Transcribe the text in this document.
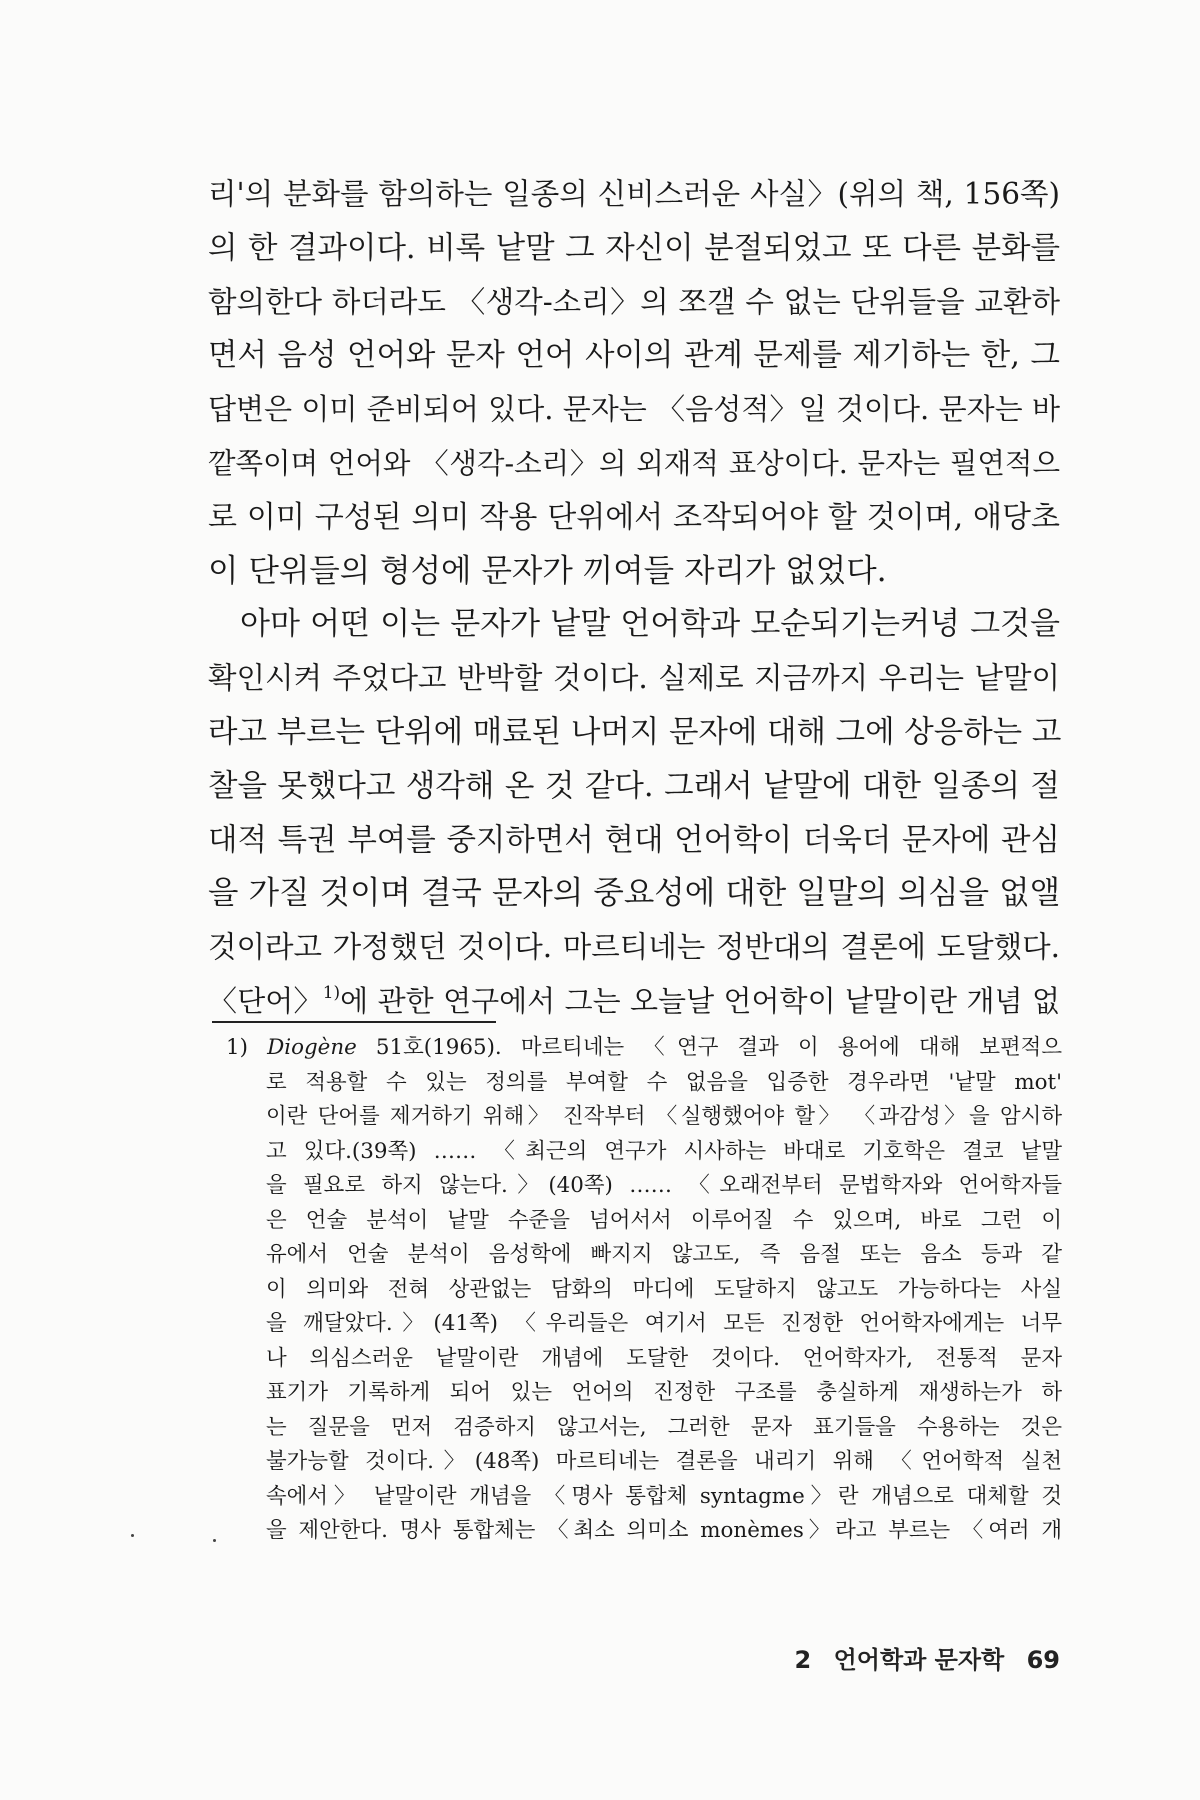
리'의 분화를 함의하는 일종의 신비스러운 사실〉(위의 책, 156쪽)
의 한 결과이다. 비록 낱말 그 자신이 분절되었고 또 다른 분화를
함의한다 하더라도 〈생각-소리〉의 쪼갤 수 없는 단위들을 교환하
면서 음성 언어와 문자 언어 사이의 관계 문제를 제기하는 한, 그
답변은 이미 준비되어 있다. 문자는 〈음성적〉일 것이다. 문자는 바
깥쪽이며 언어와 〈생각-소리〉의 외재적 표상이다. 문자는 필연적으
로 이미 구성된 의미 작용 단위에서 조작되어야 할 것이며, 애당초
이 단위들의 형성에 문자가 끼여들 자리가 없었다.
아마 어떤 이는 문자가 낱말 언어학과 모순되기는커녕 그것을
확인시켜 주었다고 반박할 것이다. 실제로 지금까지 우리는 낱말이
라고 부르는 단위에 매료된 나머지 문자에 대해 그에 상응하는 고
찰을 못했다고 생각해 온 것 같다. 그래서 낱말에 대한 일종의 절
대적 특권 부여를 중지하면서 현대 언어학이 더욱더 문자에 관심
을 가질 것이며 결국 문자의 중요성에 대한 일말의 의심을 없앨
것이라고 가정했던 것이다. 마르티네는 정반대의 결론에 도달했다.
〈단어〉$^{1)}$에 관한 연구에서 그는 오늘날 언어학이 낱말이란 개념 없
1) Diogène 51호(1965). 마르티네는 〈연구 결과 이 용어에 대해 보편적으
로 적용할 수 있는 정의를 부여할 수 없음을 입증한 경우라면 '낱말 mot'
이란 단어를 제거하기 위해〉 진작부터 〈실행했어야 할〉 〈과감성〉을 암시하
고 있다.(39쪽) …… 〈최근의 연구가 시사하는 바대로 기호학은 결코 낱말
을 필요로 하지 않는다.〉(40쪽) …… 〈오래전부터 문법학자와 언어학자들
은 언술 분석이 낱말 수준을 넘어서서 이루어질 수 있으며, 바로 그런 이
유에서 언술 분석이 음성학에 빠지지 않고도, 즉 음절 또는 음소 등과 같
이 의미와 전혀 상관없는 담화의 마디에 도달하지 않고도 가능하다는 사실
을 깨달았다.〉(41쪽) 〈우리들은 여기서 모든 진정한 언어학자에게는 너무
나 의심스러운 낱말이란 개념에 도달한 것이다. 언어학자가, 전통적 문자
표기가 기록하게 되어 있는 언어의 진정한 구조를 충실하게 재생하는가 하
는 질문을 먼저 검증하지 않고서는, 그러한 문자 표기들을 수용하는 것은
불가능할 것이다.〉(48쪽) 마르티네는 결론을 내리기 위해 〈언어학적 실천
속에서〉 낱말이란 개념을 〈명사 통합체 syntagme〉란 개념으로 대체할 것
을 제안한다. 명사 통합체는 〈최소 의미소 monèmes〉라고 부르는 〈여러 개
2 언어학과 문자학 69
